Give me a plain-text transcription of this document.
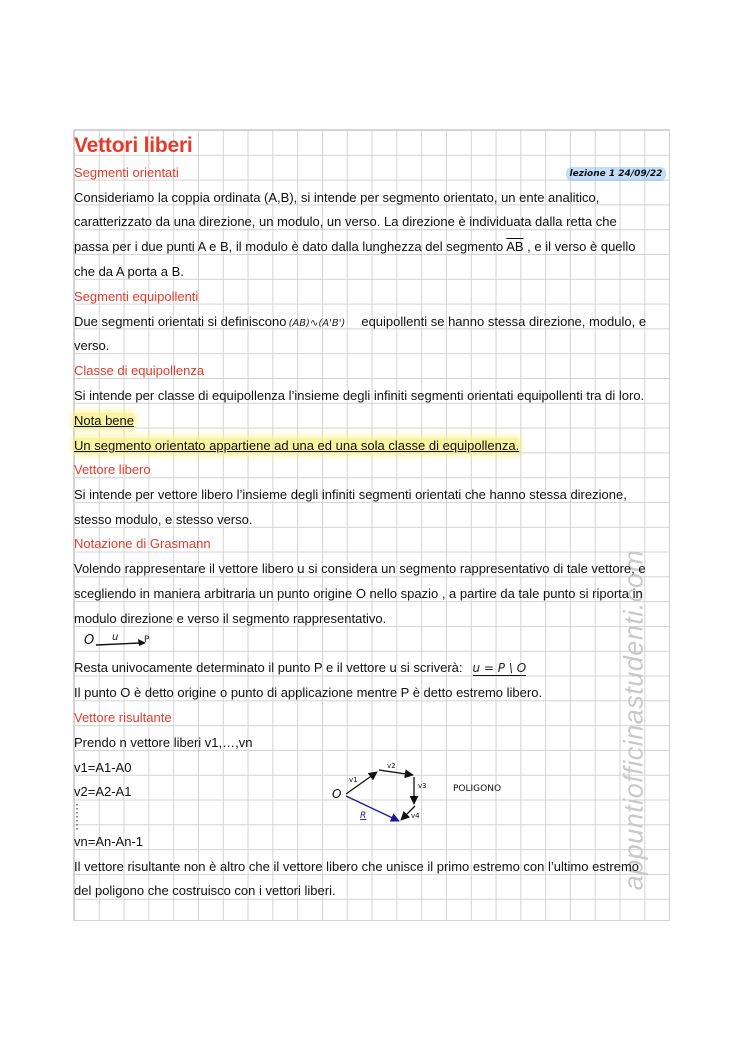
appuntiofficinastudenti.com

Vettori liberi

lezione 1 24/09/22

Segmenti orientati

Consideriamo la coppia ordinata (A,B), si intende per segmento orientato, un ente analitico,

caratterizzato da una direzione, un modulo, un verso. La direzione è individuata dalla retta che

passa per i due punti A e B, il modulo è dato dalla lunghezza del segmento $\overline{AB}$ , e il verso è quello

che da A porta a B.

Segmenti equipollenti

Due segmenti orientati si definiscono (AB)∿(A'B') equipollenti se hanno stessa direzione, modulo, e

verso.

Classe di equipollenza

Si intende per classe di equipollenza l’insieme degli infiniti segmenti orientati equipollenti tra di loro.

Nota bene

Un segmento orientato appartiene ad una ed una sola classe di equipollenza.

Vettore libero

Si intende per vettore libero l’insieme degli infiniti segmenti orientati che hanno stessa direzione,

stesso modulo, e stesso verso.

Notazione di Grasmann

Volendo rappresentare il vettore libero u si considera un segmento rappresentativo di tale vettore, e

scegliendo in maniera arbitraria un punto origine O nello spazio , a partire da tale punto si riporta in

modulo direzione e verso il segmento rappresentativo.

O u	P

Resta univocamente determinato il punto P e il vettore u si scriverà: u = P \ O

Il punto O è detto origine o punto di applicazione mentre P è detto estremo libero.

Vettore risultante

Prendo n vettore liberi v1,…,vn

v1=A1-A0

v2=A2-A1

vn=An-An-1

O
v1
v2
v3
v4
R
POLIGONO

Il vettore risultante non è altro che il vettore libero che unisce il primo estremo con l’ultimo estremo

del poligono che costruisco con i vettori liberi.
